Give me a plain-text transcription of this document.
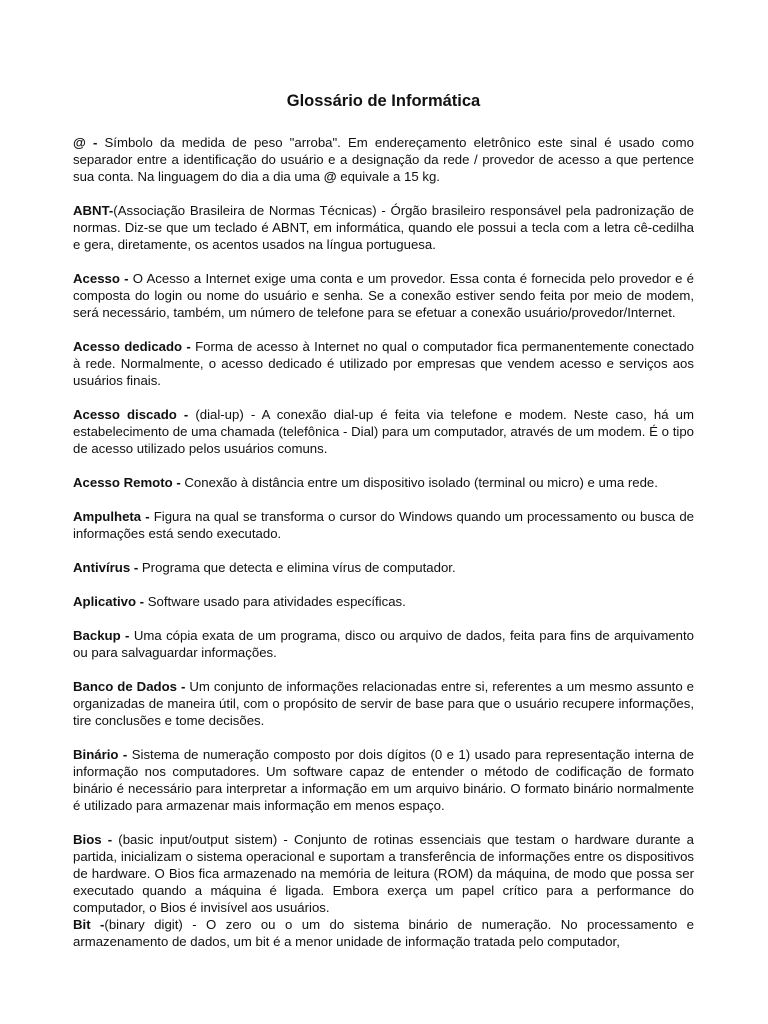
Glossário de Informática

@ - Símbolo da medida de peso "arroba". Em endereçamento eletrônico este sinal é usado como separador entre a identificação do usuário e a designação da rede / provedor de acesso a que pertence sua conta. Na linguagem do dia a dia uma @ equivale a 15 kg.

ABNT-(Associação Brasileira de Normas Técnicas) - Órgão brasileiro responsável pela padronização de normas. Diz-se que um teclado é ABNT, em informática, quando ele possui a tecla com a letra cê-cedilha e gera, diretamente, os acentos usados na língua portuguesa.

Acesso - O Acesso a Internet exige uma conta e um provedor. Essa conta é fornecida pelo provedor e é composta do login ou nome do usuário e senha. Se a conexão estiver sendo feita por meio de modem, será necessário, também, um número de telefone para se efetuar a conexão usuário/provedor/Internet.

Acesso dedicado - Forma de acesso à Internet no qual o computador fica permanentemente conectado à rede. Normalmente, o acesso dedicado é utilizado por empresas que vendem acesso e serviços aos usuários finais.

Acesso discado - (dial-up) - A conexão dial-up é feita via telefone e modem. Neste caso, há um estabelecimento de uma chamada (telefônica - Dial) para um computador, através de um modem. É o tipo de acesso utilizado pelos usuários comuns.

Acesso Remoto - Conexão à distância entre um dispositivo isolado (terminal ou micro) e uma rede.

Ampulheta - Figura na qual se transforma o cursor do Windows quando um processamento ou busca de informações está sendo executado.

Antivírus - Programa que detecta e elimina vírus de computador.

Aplicativo - Software usado para atividades específicas.

Backup - Uma cópia exata de um programa, disco ou arquivo de dados, feita para fins de arquivamento ou para salvaguardar informações.

Banco de Dados - Um conjunto de informações relacionadas entre si, referentes a um mesmo assunto e organizadas de maneira útil, com o propósito de servir de base para que o usuário recupere informações, tire conclusões e tome decisões.

Binário - Sistema de numeração composto por dois dígitos (0 e 1) usado para representação interna de informação nos computadores. Um software capaz de entender o método de codificação de formato binário é necessário para interpretar a informação em um arquivo binário. O formato binário normalmente é utilizado para armazenar mais informação em menos espaço.

Bios - (basic input/output sistem) - Conjunto de rotinas essenciais que testam o hardware durante a partida, inicializam o sistema operacional e suportam a transferência de informações entre os dispositivos de hardware. O Bios fica armazenado na memória de leitura (ROM) da máquina, de modo que possa ser executado quando a máquina é ligada. Embora exerça um papel crítico para a performance do computador, o Bios é invisível aos usuários.

Bit -(binary digit) - O zero ou o um do sistema binário de numeração. No processamento e armazenamento de dados, um bit é a menor unidade de informação tratada pelo computador,
